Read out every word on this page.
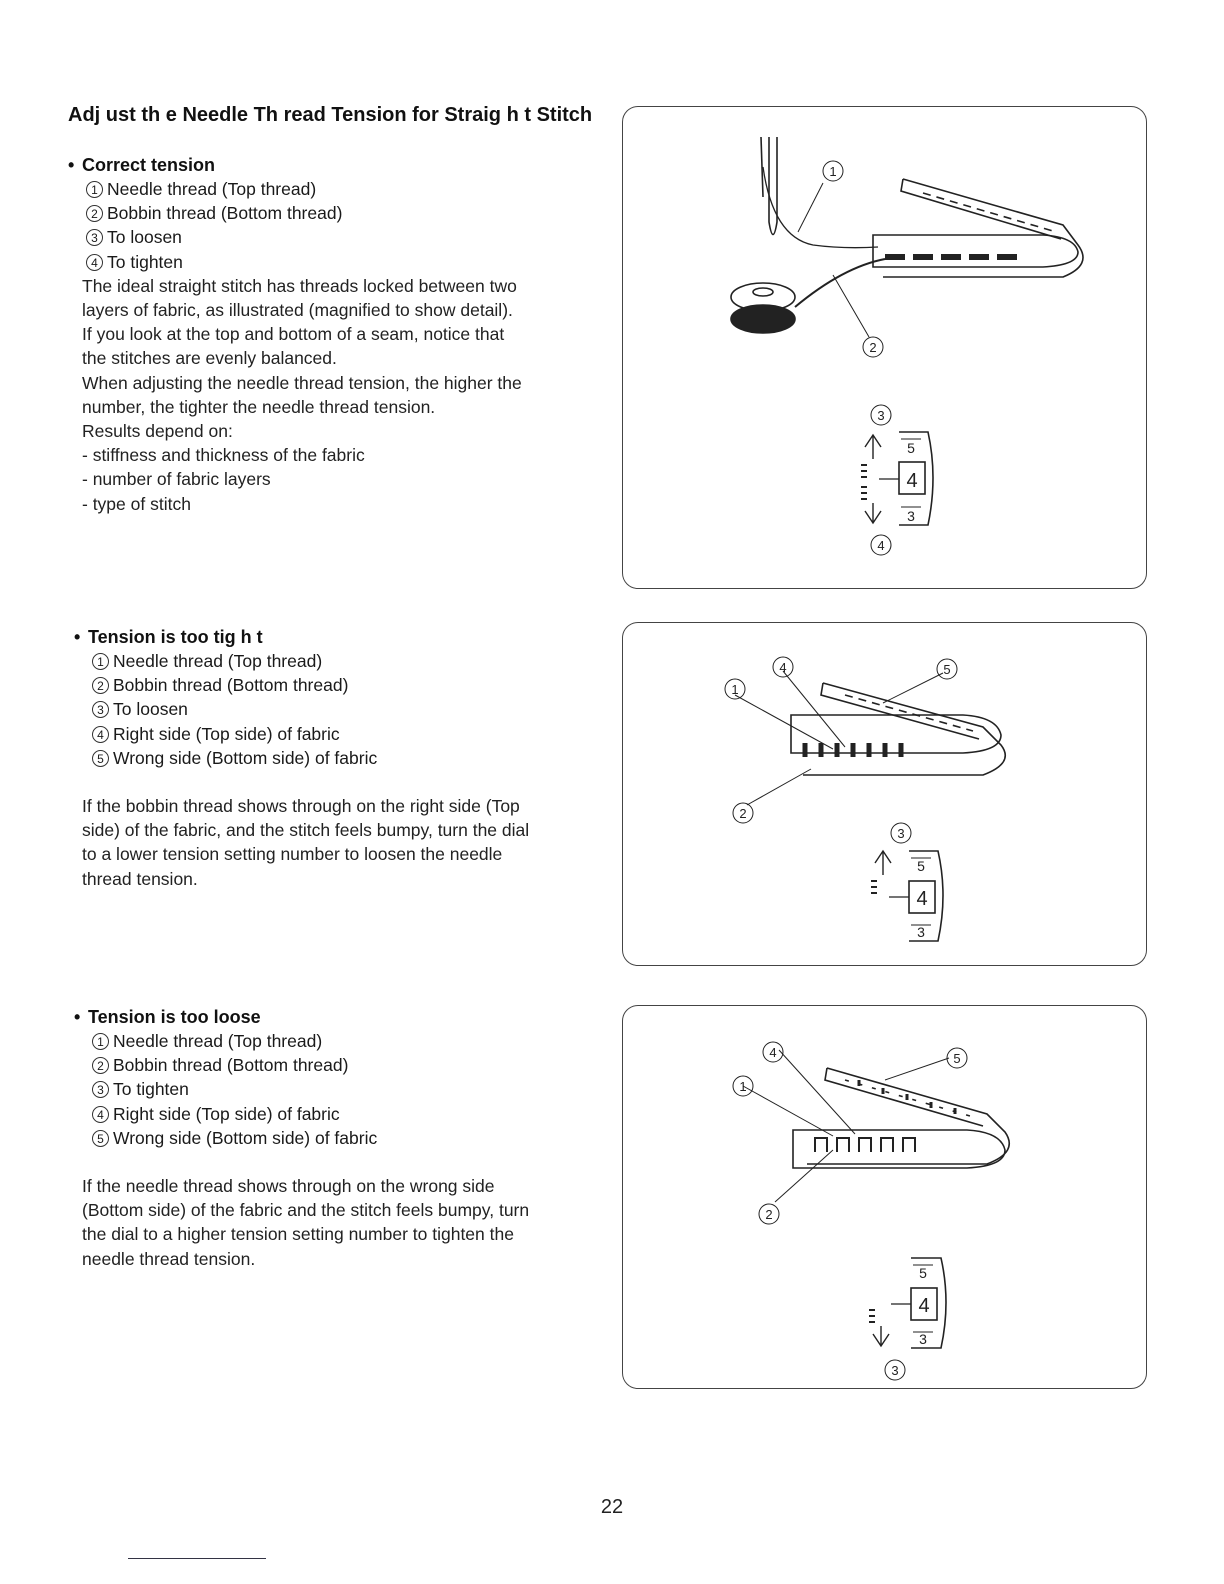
Adj ust th e Needle Th read Tension for Straig h t Stitch
• Correct tension
1 Needle thread (Top thread)
2 Bobbin thread (Bottom thread)
3 To loosen
4 To tighten

The ideal straight stitch has threads locked between two

layers of fabric, as illustrated (magnified to show detail).

If you look at the top and bottom of a seam, notice that

the stitches are evenly balanced.

When adjusting the needle thread tension, the higher the

number, the tighter the needle thread tension.

Results depend on:

- stiffness and thickness of the fabric

- number of fabric layers

- type of stitch

• Tension is too tig h t
1 Needle thread (Top thread)
2 Bobbin thread (Bottom thread)
3 To loosen
4 Right side (Top side) of fabric
5 Wrong side (Bottom side) of fabric

If the bobbin thread shows through on the right side (Top

side) of the fabric, and the stitch feels bumpy, turn the dial

to a lower tension setting number to loosen the needle

thread tension.

• Tension is too loose
1 Needle thread (Top thread)
2 Bobbin thread (Bottom thread)
3 To tighten
4 Right side (Top side) of fabric
5 Wrong side (Bottom side) of fabric

If the needle thread shows through on the wrong side

(Bottom side) of the fabric and the stitch feels bumpy, turn

the dial to a higher tension setting number to tighten the

needle thread tension.

1
2
3
4
5
4
3
1
2
3
4	5
5
4
3
1
2
3
4	5
5
4
3
22
